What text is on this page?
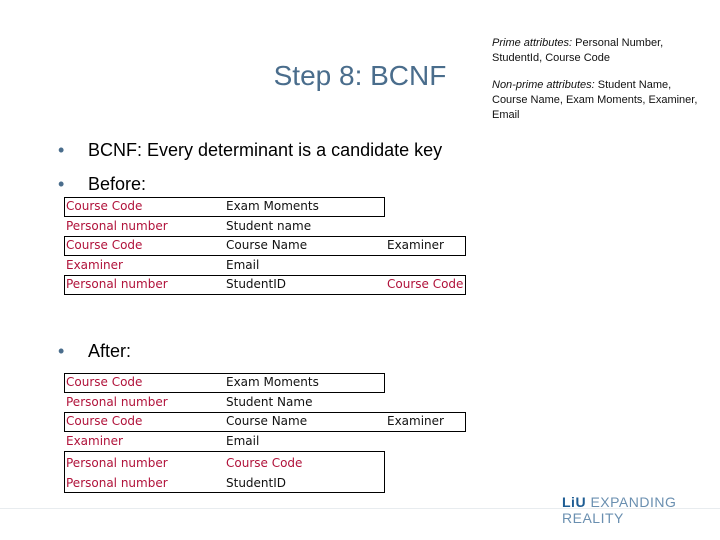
Step 8: BCNF
Prime attributes: Personal Number, StudentId, Course Code
Non-prime attributes: Student Name, Course Name, Exam Moments, Examiner, Email
• BCNF: Every determinant is a candidate key
• Before:
Course Code
Personal number
Course Code
Examiner
Personal number
Exam Moments
Student name
Course Name
Email
StudentID
Examiner
Course Code
• After:
Course Code
Personal number
Course Code
Examiner
Personal number
Personal number
Exam Moments
Student Name
Course Name
Email
Course Code
StudentID
Examiner
LiU EXPANDING REALITY
